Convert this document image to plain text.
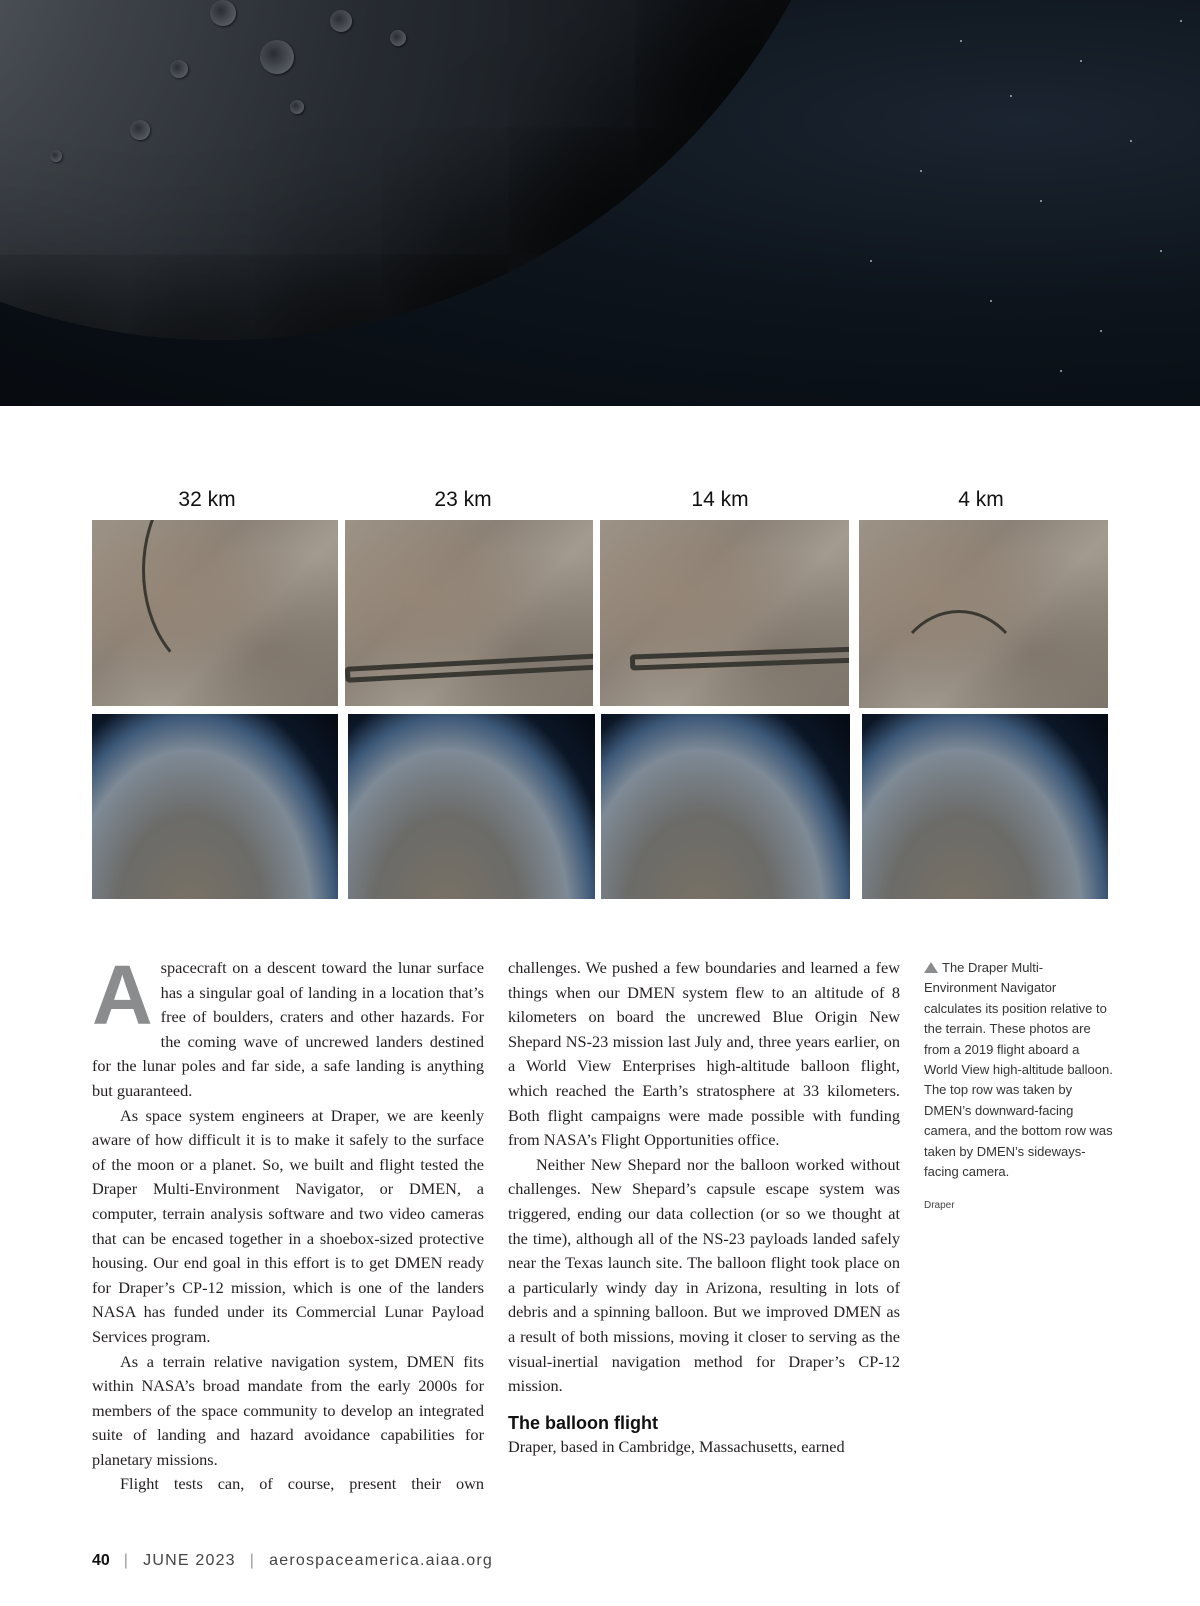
32 km	23 km	14 km	4 km

Aspacecraft on a descent toward the lunar surface has a singular goal of landing in a location that’s free of boulders, craters and other hazards. For the coming wave of uncrewed landers destined for the lunar poles and far side, a safe landing is anything but guaranteed.

As space system engineers at Draper, we are keenly aware of how difficult it is to make it safely to the surface of the moon or a planet. So, we built and flight tested the Draper Multi-Environment Navigator, or DMEN, a computer, terrain analysis software and two video cameras that can be encased together in a shoebox-sized protective housing. Our end goal in this effort is to get DMEN ready for Draper’s CP-12 mission, which is one of the landers NASA has funded under its Commercial Lunar Payload Services program.

As a terrain relative navigation system, DMEN fits within NASA’s broad mandate from the early 2000s for members of the space community to develop an integrated suite of landing and hazard avoidance capabilities for planetary missions.

Flight tests can, of course, present their own

challenges. We pushed a few boundaries and learned a few things when our DMEN system flew to an altitude of 8 kilometers on board the uncrewed Blue Origin New Shepard NS-23 mission last July and, three years earlier, on a World View Enterprises high-altitude balloon flight, which reached the Earth’s stratosphere at 33 kilometers. Both flight campaigns were made possible with funding from NASA’s Flight Opportunities office.

Neither New Shepard nor the balloon worked without challenges. New Shepard’s capsule escape system was triggered, ending our data collection (or so we thought at the time), although all of the NS-23 payloads landed safely near the Texas launch site. The balloon flight took place on a particularly windy day in Arizona, resulting in lots of debris and a spinning balloon. But we improved DMEN as a result of both missions, moving it closer to serving as the visual-inertial navigation method for Draper’s CP-12 mission.

The balloon flight

Draper, based in Cambridge, Massachusetts, earned

The Draper Multi-Environment Navigator calculates its position relative to the terrain. These photos are from a 2019 flight aboard a World View high-altitude balloon. The top row was taken by DMEN’s downward-facing camera, and the bottom row was taken by DMEN’s sideways-facing camera.
Draper
40 | JUNE 2023 | aerospaceamerica.aiaa.org
